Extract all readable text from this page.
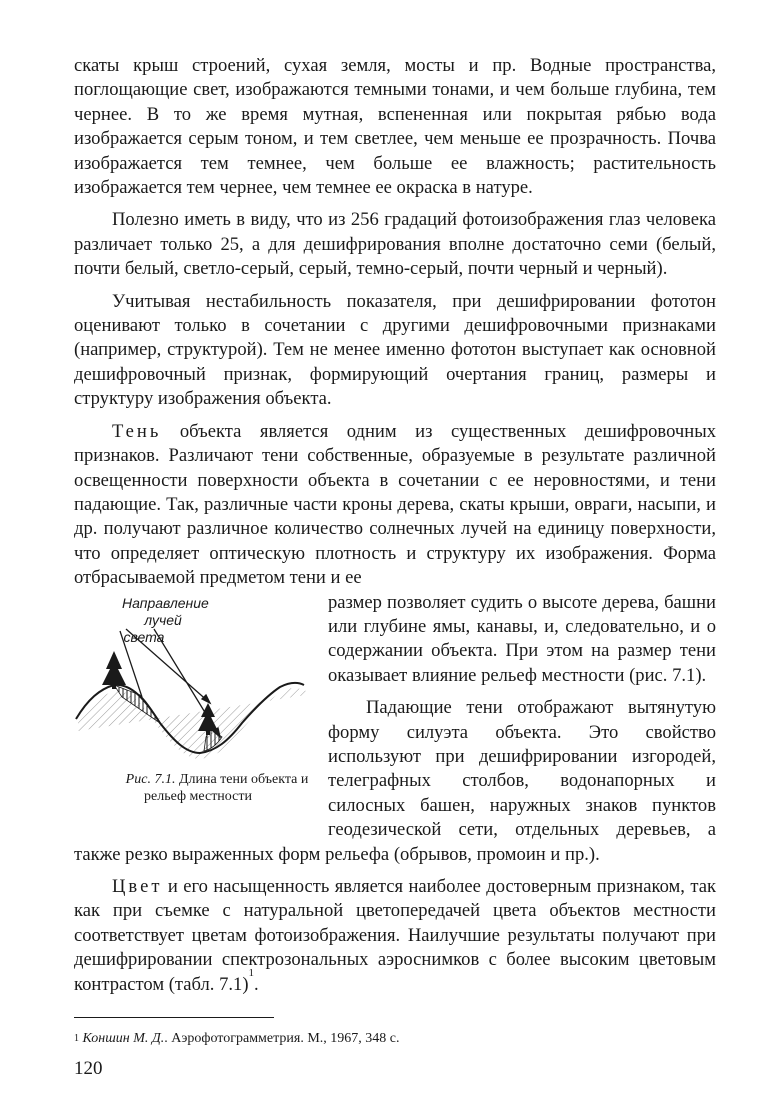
скаты крыш строений, сухая земля, мосты и пр. Водные пространства, поглощающие свет, изображаются темными тонами, и чем больше глубина, тем чернее. В то же время мутная, вспененная или покрытая рябью вода изображается серым тоном, и тем светлее, чем меньше ее прозрачность. Почва изображается тем темнее, чем больше ее влажность; растительность изображается тем чернее, чем темнее ее окраска в натуре.

Полезно иметь в виду, что из 256 градаций фотоизображения глаз человека различает только 25, а для дешифрирования вполне достаточно семи (белый, почти белый, светло-серый, серый, темно-серый, почти черный и черный).

Учитывая нестабильность показателя, при дешифрировании фототон оценивают только в сочетании с другими дешифровочными признаками (например, структурой). Тем не менее именно фототон выступает как основной дешифровочный признак, формирующий очертания границ, размеры и структуру изображения объекта.

Тень объекта является одним из существенных дешифровочных признаков. Различают тени собственные, образуемые в результате различной освещенности поверхности объекта в сочетании с ее неровностями, и тени падающие. Так, различные части кроны дерева, скаты крыши, овраги, насыпи, и др. получают различное количество солнечных лучей на единицу поверхности, что определяет оптическую плотность и структуру их изображения. Форма отбрасываемой предметом тени и ее

Направление
лучей света
Рис. 7.1. Длина тени объекта и рельеф местности
размер позволяет судить о высоте дерева, башни или глубине ямы, канавы, и, следовательно, и о содержании объекта. При этом на размер тени оказывает влияние рельеф местности (рис. 7.1).

Падающие тени отображают вытянутую форму силуэта объекта. Это свойство используют при дешифрировании изгородей, телеграфных столбов, водонапорных и силосных башен, наружных знаков пунктов геодезической сети, отдельных деревьев, а также резко выраженных форм рельефа (обрывов, промоин и пр.).

Цвет и его насыщенность является наиболее достоверным признаком, так как при съемке с натуральной цветопередачей цвета объектов местности соответствует цветам фотоизображения. Наилучшие результаты получают при дешифрировании спектрозональных аэроснимков с более высоким цветовым контрастом (табл. 7.1)$^1$.

$^1$ Коншин М. Д.. Аэрофотограмметрия. М., 1967, 348 с.
120
